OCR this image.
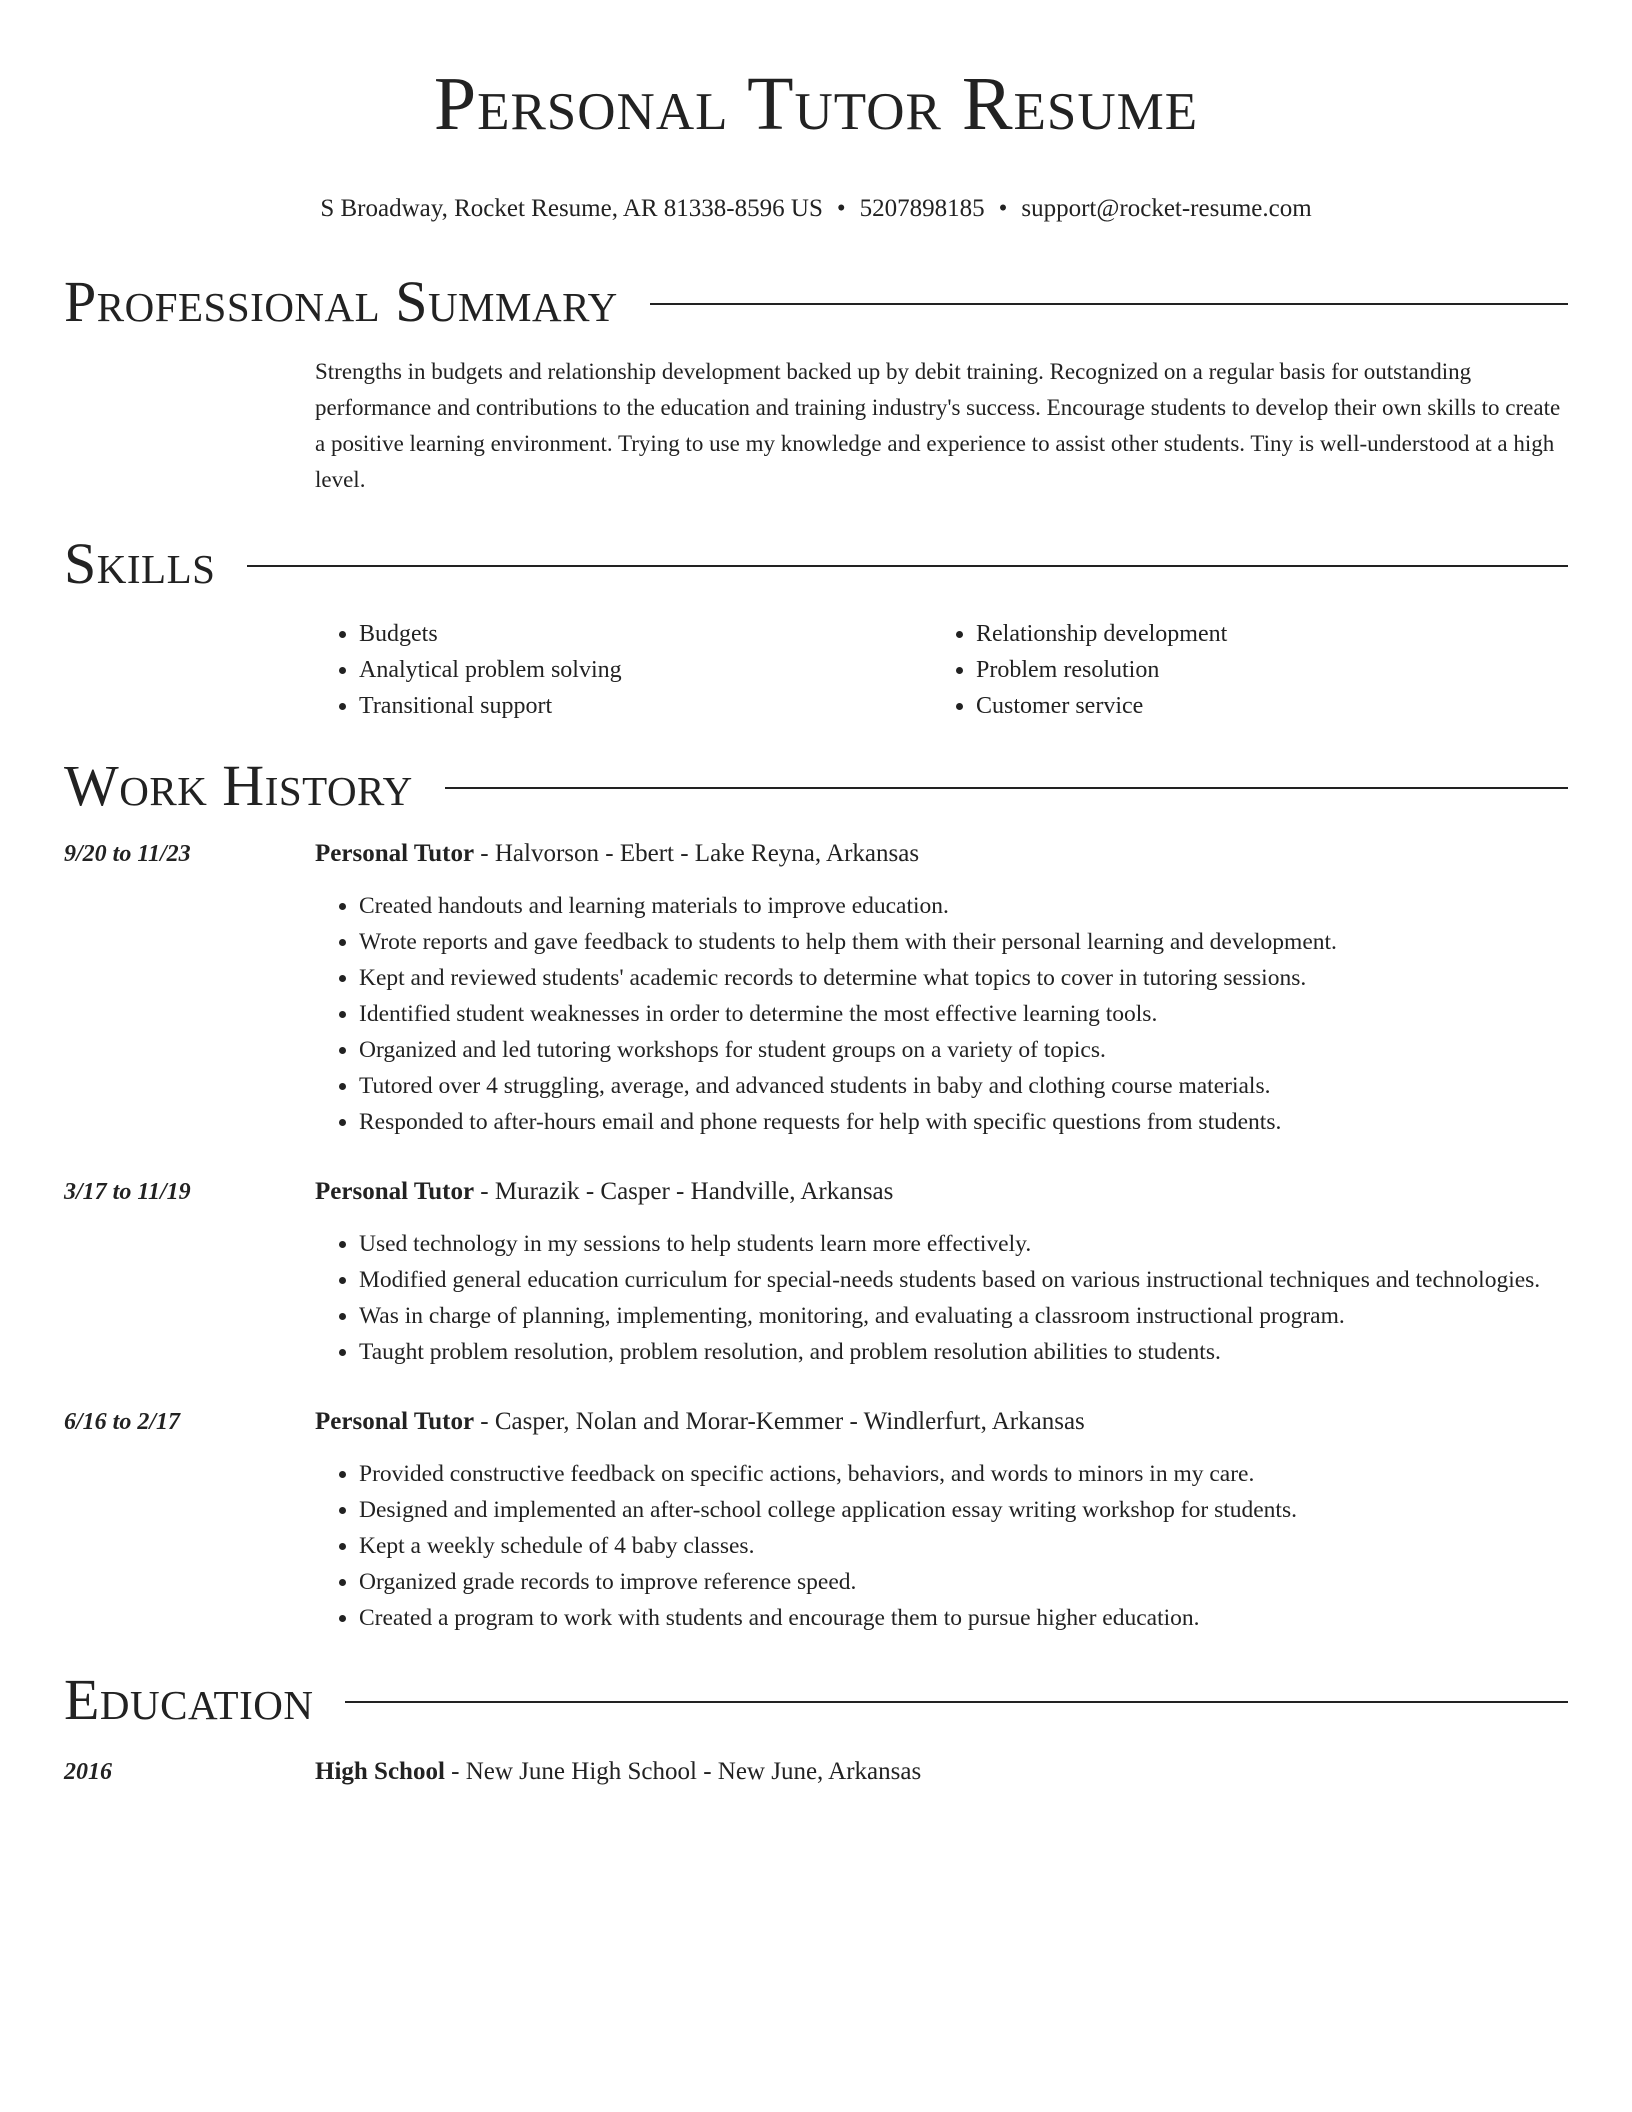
Personal Tutor Resume
S Broadway, Rocket Resume, AR 81338-8596 US • 5207898185 • support@rocket-resume.com
Professional Summary
Strengths in budgets and relationship development backed up by debit training. Recognized on a regular basis for outstanding performance and contributions to the education and training industry's success. Encourage students to develop their own skills to create a positive learning environment. Trying to use my knowledge and experience to assist other students. Tiny is well-understood at a high level.
Skills
• Budgets
• Analytical problem solving
• Transitional support
• Relationship development
• Problem resolution
• Customer service
Work History
9/20 to 11/23	Personal Tutor - Halvorson - Ebert - Lake Reyna, Arkansas
• Created handouts and learning materials to improve education.
• Wrote reports and gave feedback to students to help them with their personal learning and development.
• Kept and reviewed students' academic records to determine what topics to cover in tutoring sessions.
• Identified student weaknesses in order to determine the most effective learning tools.
• Organized and led tutoring workshops for student groups on a variety of topics.
• Tutored over 4 struggling, average, and advanced students in baby and clothing course materials.
• Responded to after-hours email and phone requests for help with specific questions from students.
3/17 to 11/19	Personal Tutor - Murazik - Casper - Handville, Arkansas
• Used technology in my sessions to help students learn more effectively.
• Modified general education curriculum for special-needs students based on various instructional techniques and technologies.
• Was in charge of planning, implementing, monitoring, and evaluating a classroom instructional program.
• Taught problem resolution, problem resolution, and problem resolution abilities to students.
6/16 to 2/17	Personal Tutor - Casper, Nolan and Morar-Kemmer - Windlerfurt, Arkansas
• Provided constructive feedback on specific actions, behaviors, and words to minors in my care.
• Designed and implemented an after-school college application essay writing workshop for students.
• Kept a weekly schedule of 4 baby classes.
• Organized grade records to improve reference speed.
• Created a program to work with students and encourage them to pursue higher education.
Education
2016	High School - New June High School - New June, Arkansas
